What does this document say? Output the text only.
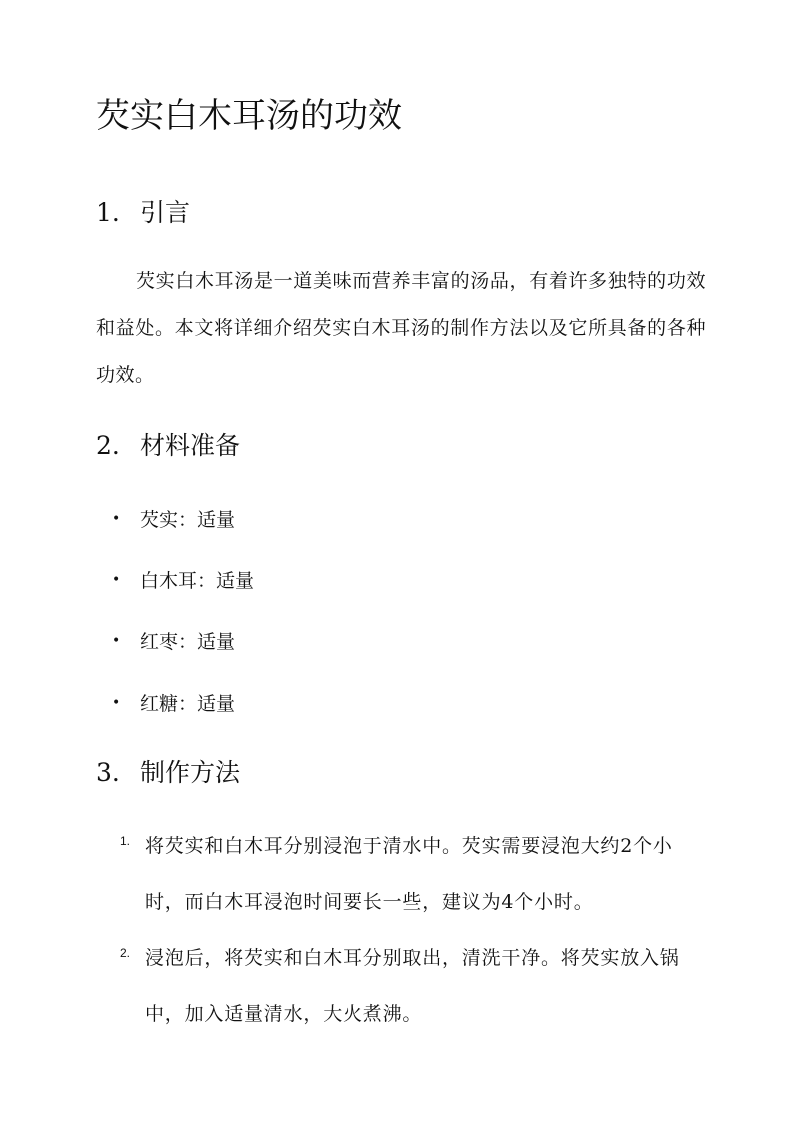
芡实白木耳汤的功效
1. 引言
芡实白木耳汤是一道美味而营养丰富的汤品，有着许多独特的功效和益处。本文将详细介绍芡实白木耳汤的制作方法以及它所具备的各种功效。
2. 材料准备
• 芡实：适量
• 白木耳：适量
• 红枣：适量
• 红糖：适量
3. 制作方法
1. 将芡实和白木耳分别浸泡于清水中。芡实需要浸泡大约2个小时，而白木耳浸泡时间要长一些，建议为4个小时。
2. 浸泡后，将芡实和白木耳分别取出，清洗干净。将芡实放入锅中，加入适量清水，大火煮沸。
